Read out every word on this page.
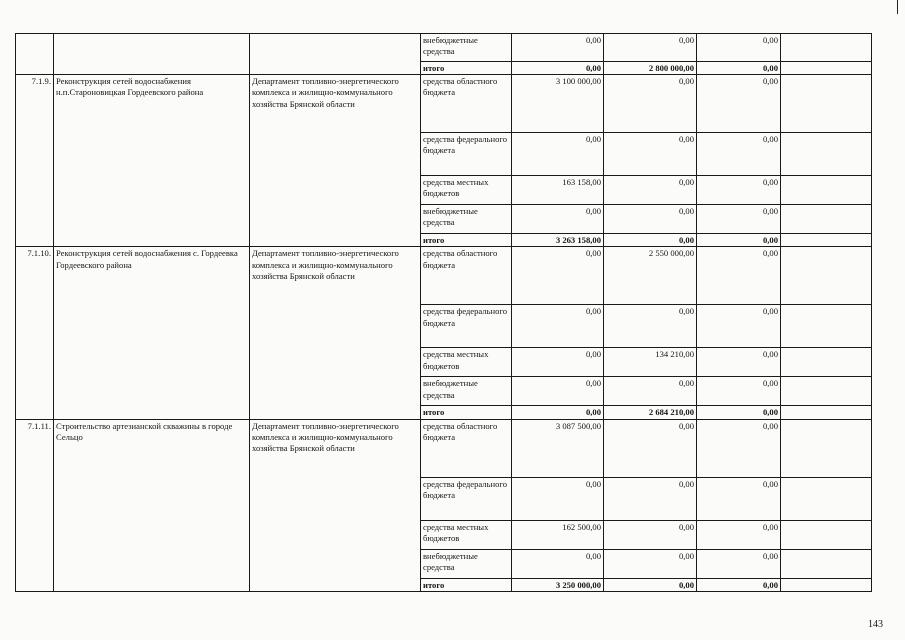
			внебюджетные средства	0,00	0,00	0,00	
			итого	0,00	2 800 000,00	0,00	
7.1.9.	Реконструкция сетей водоснабжения н.п.Староновицкая Гордеевского района	Департамент топливно-энергетического комплекса и жилищно-коммунального хозяйства Брянской области	средства областного бюджета	3 100 000,00	0,00	0,00	
			средства федерального бюджета	0,00	0,00	0,00	
			средства местных бюджетов	163 158,00	0,00	0,00	
			внебюджетные средства	0,00	0,00	0,00	
			итого	3 263 158,00	0,00	0,00	
7.1.10.	Реконструкция сетей водоснабжения с. Гордеевка Гордеевского района	Департамент топливно-энергетического комплекса и жилищно-коммунального хозяйства Брянской области	средства областного бюджета	0,00	2 550 000,00	0,00	
			средства федерального бюджета	0,00	0,00	0,00	
			средства местных бюджетов	0,00	134 210,00	0,00	
			внебюджетные средства	0,00	0,00	0,00	
			итого	0,00	2 684 210,00	0,00	
7.1.11.	Строительство артезианской скважины в городе Сельцо	Департамент топливно-энергетического комплекса и жилищно-коммунального хозяйства Брянской области	средства областного бюджета	3 087 500,00	0,00	0,00	
			средства федерального бюджета	0,00	0,00	0,00	
			средства местных бюджетов	162 500,00	0,00	0,00	
			внебюджетные средства	0,00	0,00	0,00	
			итого	3 250 000,00	0,00	0,00	
143
